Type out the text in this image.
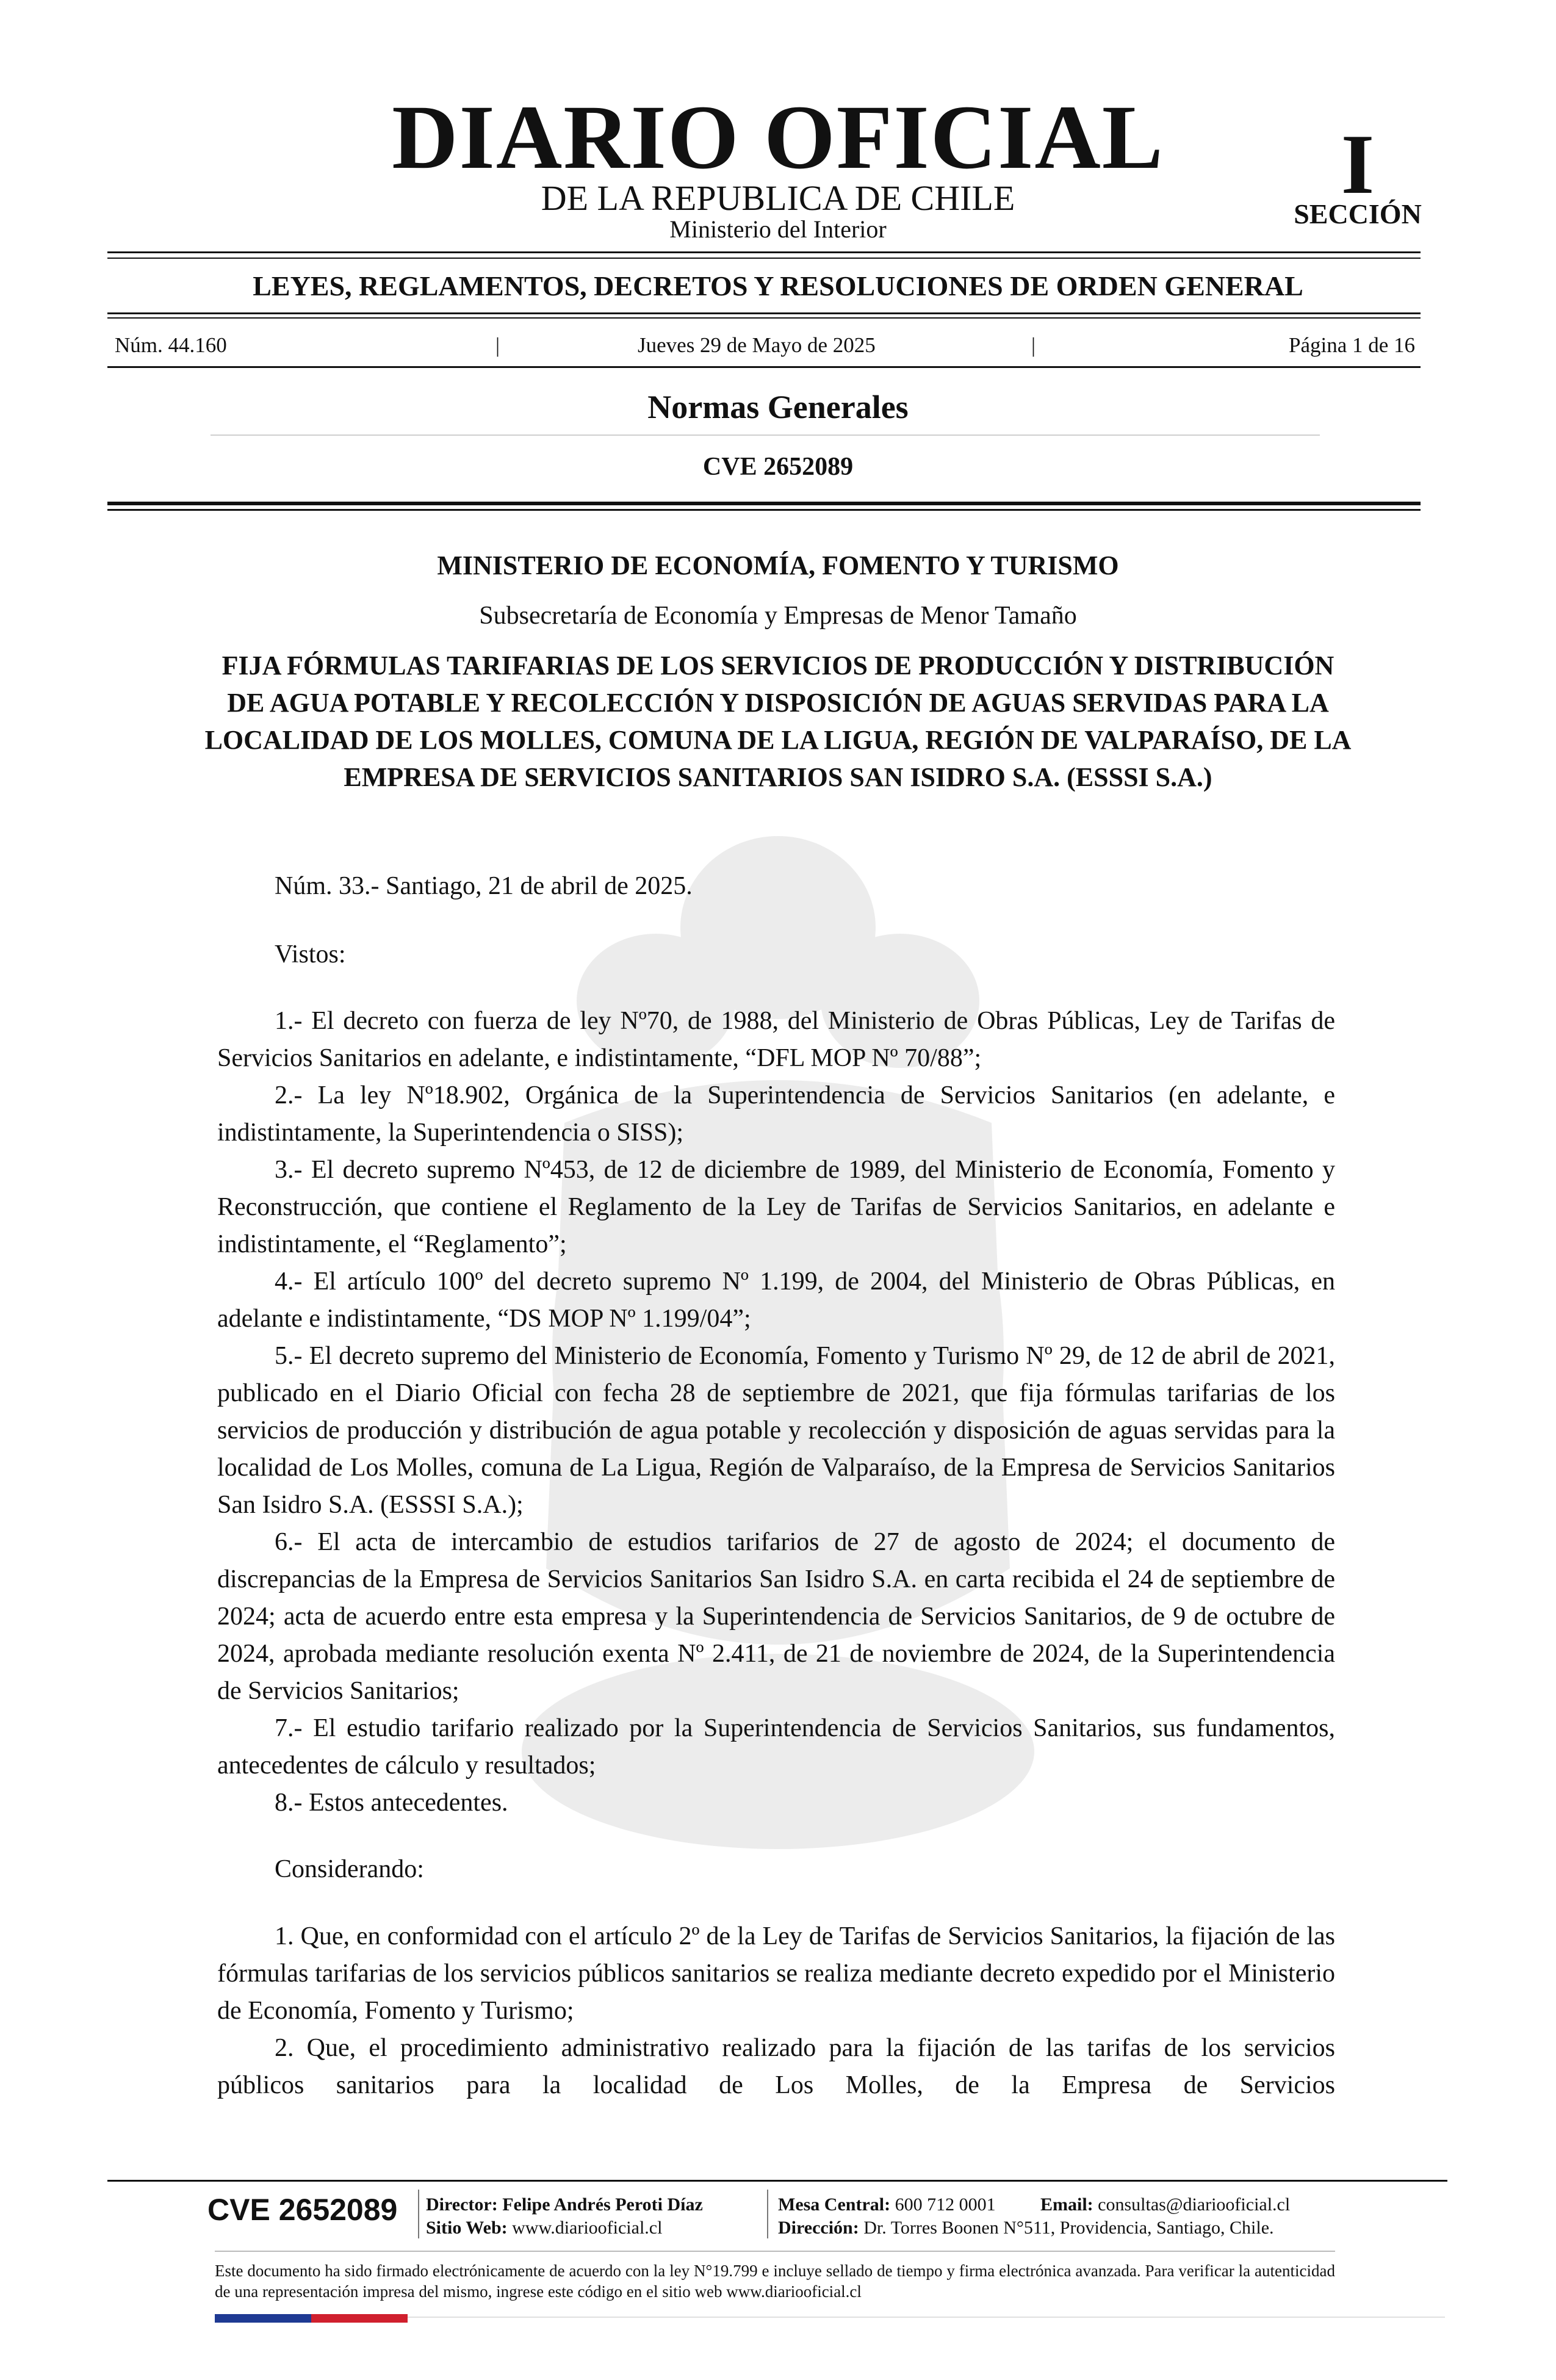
DIARIO OFICIAL
DE LA REPUBLICA DE CHILE
Ministerio del Interior
I
SECCIÓN
LEYES, REGLAMENTOS, DECRETOS Y RESOLUCIONES DE ORDEN GENERAL
Núm. 44.160	|	Jueves 29 de Mayo de 2025	|	Página 1 de 16
Normas Generales
CVE 2652089
MINISTERIO DE ECONOMÍA, FOMENTO Y TURISMO
Subsecretaría de Economía y Empresas de Menor Tamaño
FIJA FÓRMULAS TARIFARIAS DE LOS SERVICIOS DE PRODUCCIÓN Y DISTRIBUCIÓN DE AGUA POTABLE Y RECOLECCIÓN Y DISPOSICIÓN DE AGUAS SERVIDAS PARA LA LOCALIDAD DE LOS MOLLES, COMUNA DE LA LIGUA, REGIÓN DE VALPARAÍSO, DE LA EMPRESA DE SERVICIOS SANITARIOS SAN ISIDRO S.A. (ESSSI S.A.)
Núm. 33.- Santiago, 21 de abril de 2025.
Vistos:
1.- El decreto con fuerza de ley Nº70, de 1988, del Ministerio de Obras Públicas, Ley de Tarifas de Servicios Sanitarios en adelante, e indistintamente, “DFL MOP Nº 70/88”;
2.- La ley Nº18.902, Orgánica de la Superintendencia de Servicios Sanitarios (en adelante, e indistintamente, la Superintendencia o SISS);
3.- El decreto supremo Nº453, de 12 de diciembre de 1989, del Ministerio de Economía, Fomento y Reconstrucción, que contiene el Reglamento de la Ley de Tarifas de Servicios Sanitarios, en adelante e indistintamente, el “Reglamento”;
4.- El artículo 100º del decreto supremo Nº 1.199, de 2004, del Ministerio de Obras Públicas, en adelante e indistintamente, “DS MOP Nº 1.199/04”;
5.- El decreto supremo del Ministerio de Economía, Fomento y Turismo Nº 29, de 12 de abril de 2021, publicado en el Diario Oficial con fecha 28 de septiembre de 2021, que fija fórmulas tarifarias de los servicios de producción y distribución de agua potable y recolección y disposición de aguas servidas para la localidad de Los Molles, comuna de La Ligua, Región de Valparaíso, de la Empresa de Servicios Sanitarios San Isidro S.A. (ESSSI S.A.);
6.- El acta de intercambio de estudios tarifarios de 27 de agosto de 2024; el documento de discrepancias de la Empresa de Servicios Sanitarios San Isidro S.A. en carta recibida el 24 de septiembre de 2024; acta de acuerdo entre esta empresa y la Superintendencia de Servicios Sanitarios, de 9 de octubre de 2024, aprobada mediante resolución exenta Nº 2.411, de 21 de noviembre de 2024, de la Superintendencia de Servicios Sanitarios;
7.- El estudio tarifario realizado por la Superintendencia de Servicios Sanitarios, sus fundamentos, antecedentes de cálculo y resultados;
8.- Estos antecedentes.
Considerando:
1. Que, en conformidad con el artículo 2º de la Ley de Tarifas de Servicios Sanitarios, la fijación de las fórmulas tarifarias de los servicios públicos sanitarios se realiza mediante decreto expedido por el Ministerio de Economía, Fomento y Turismo;
2. Que, el procedimiento administrativo realizado para la fijación de las tarifas de los servicios públicos sanitarios para la localidad de Los Molles, de la Empresa de Servicios
CVE 2652089 Director: Felipe Andrés Peroti Díaz
Sitio Web: www.diariooficial.cl
Mesa Central: 600 712 0001 Email: consultas@diariooficial.cl
Dirección: Dr. Torres Boonen N°511, Providencia, Santiago, Chile.
Este documento ha sido firmado electrónicamente de acuerdo con la ley N°19.799 e incluye sellado de tiempo y firma electrónica avanzada. Para verificar la autenticidad de una representación impresa del mismo, ingrese este código en el sitio web www.diariooficial.cl
